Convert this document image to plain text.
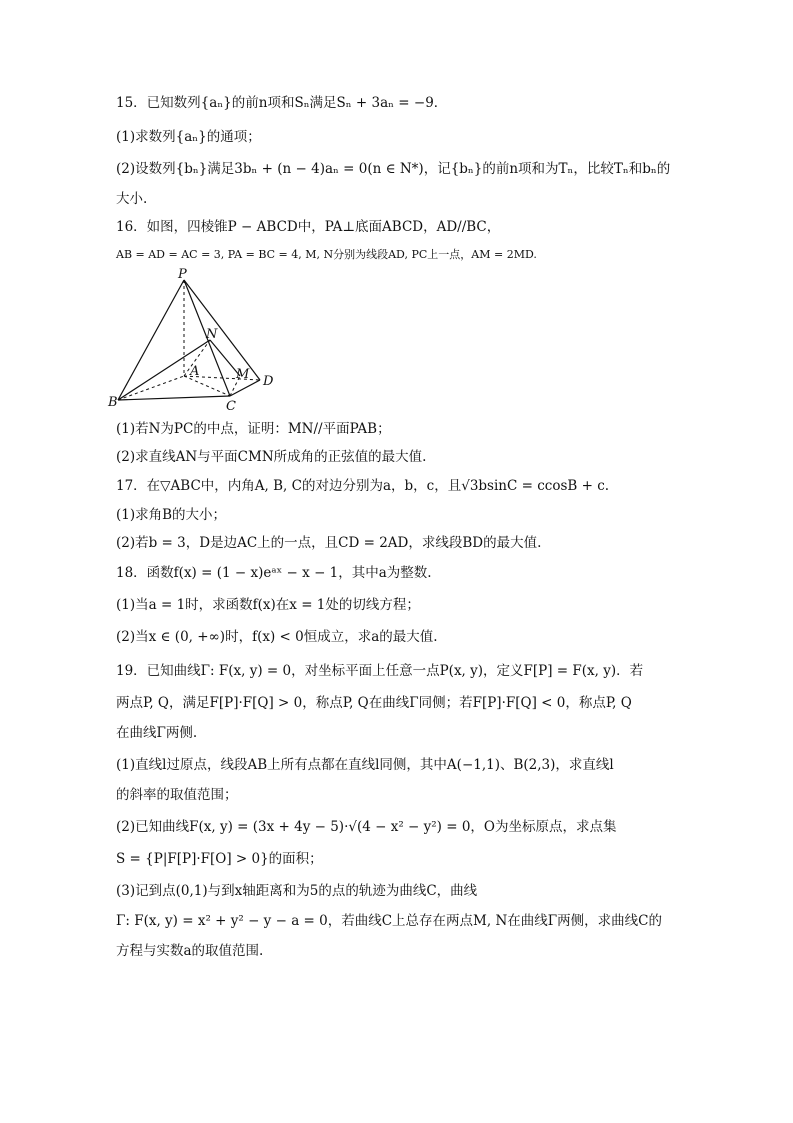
15．已知数列{aₙ}的前n项和Sₙ满足Sₙ + 3aₙ = −9．
(1)求数列{aₙ}的通项；
(2)设数列{bₙ}满足3bₙ + (n − 4)aₙ = 0(n ∈ N*)，记{bₙ}的前n项和为Tₙ，比较Tₙ和bₙ的
大小.
16．如图，四棱锥P − ABCD中，PA⊥底面ABCD，AD//BC，
AB = AD = AC = 3, PA = BC = 4, M, N分别为线段AD, PC上一点，AM = 2MD.
P
N
A	M D
B	C
(1)若N为PC的中点，证明：MN//平面PAB；
(2)求直线AN与平面CMN所成角的正弦值的最大值.
17．在▽ABC中，内角A, B, C的对边分别为a，b，c，且√3bsinC = ccosB + c.
(1)求角B的大小；
(2)若b = 3，D是边AC上的一点，且CD = 2AD，求线段BD的最大值.
18．函数f(x) = (1 − x)eᵃˣ − x − 1，其中a为整数.
(1)当a = 1时，求函数f(x)在x = 1处的切线方程；
(2)当x ∈ (0, +∞)时，f(x) < 0恒成立，求a的最大值.
19．已知曲线Γ: F(x, y) = 0，对坐标平面上任意一点P(x, y)，定义F[P] = F(x, y)．若
两点P, Q，满足F[P]·F[Q] > 0，称点P, Q在曲线Γ同侧；若F[P]·F[Q] < 0，称点P, Q
在曲线Γ两侧.
(1)直线l过原点，线段AB上所有点都在直线l同侧，其中A(−1,1)、B(2,3)，求直线l
的斜率的取值范围；
(2)已知曲线F(x, y) = (3x + 4y − 5)·√(4 − x² − y²) = 0，O为坐标原点，求点集
S = {P|F[P]·F[O] > 0}的面积；
(3)记到点(0,1)与到x轴距离和为5的点的轨迹为曲线C，曲线
Γ: F(x, y) = x² + y² − y − a = 0，若曲线C上总存在两点M, N在曲线Γ两侧，求曲线C的
方程与实数a的取值范围.
